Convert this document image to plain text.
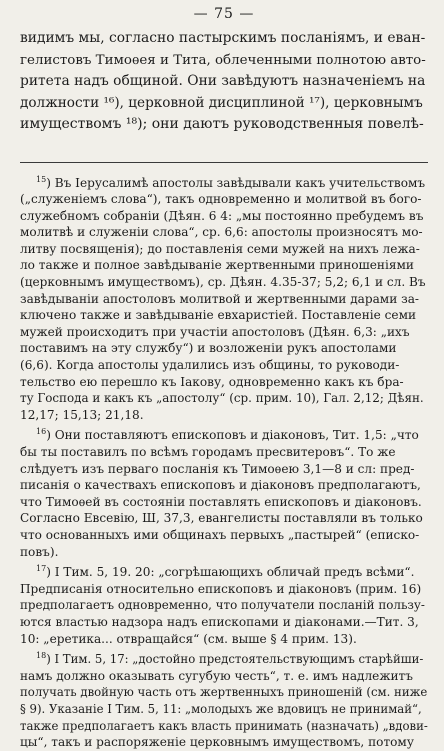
— 75 —
видимъ мы, согласно пастырскимъ посланіямъ, и еван-
гелистовъ Тимоѳея и Тита, облеченными полнотою авто-
ритета надъ общиной. Они завѣдуютъ назначеніемъ на
должности ¹⁶), церковной дисциплиной ¹⁷), церковнымъ
имуществомъ ¹⁸); они даютъ руководственныя повелѣ-
$^{15}$) Въ Іерусалимѣ апостолы завѣдывали какъ учительствомъ
(„служеніемъ слова“), такъ одновременно и молитвой въ бого-
служебномъ собраніи (Дѣян. 6 4: „мы постоянно пребудемъ въ
молитвѣ и служеніи слова“, ср. 6,6: апостолы произносятъ мо-
литву посвященія); до поставленія семи мужей на нихъ лежа-
ло также и полное завѣдываніе жертвенными приношеніями
(церковнымъ имуществомъ), ср. Дѣян. 4.35-37; 5,2; 6,1 и сл. Въ
завѣдываніи апостоловъ молитвой и жертвенными дарами за-
ключено также и завѣдываніе евхаристіей. Поставленіе семи
мужей происходитъ при участіи апостоловъ (Дѣян. 6,3: „ихъ
поставимъ на эту службу“) и возложеніи рукъ апостолами
(6,6). Когда апостолы удалились изъ общины, то руководи-
тельство ею перешло къ Іакову, одновременно какъ къ бра-
ту Господа и какъ къ „апостолу“ (ср. прим. 10), Гал. 2,12; Дѣян.
12,17; 15,13; 21,18.
$^{16}$) Они поставляютъ епископовъ и діаконовъ, Тит. 1,5: „что
бы ты поставилъ по всѣмъ городамъ пресвитеровъ“. То же
слѣдуетъ изъ перваго посланія къ Тимоѳею 3,1—8 и сл: пред-
писанія о качествахъ епископовъ и діаконовъ предполагаютъ,
что Тимоѳей въ состояніи поставлять епископовъ и діаконовъ.
Согласно Евсевію, Ш, 37,3, евангелисты поставляли въ только
что основанныхъ ими общинахъ первыхъ „пастырей“ (еписко-
повъ).
$^{17}$) І Тим. 5, 19. 20: „согрѣшающихъ обличай предъ всѣми“.
Предписанія относительно епископовъ и діаконовъ (прим. 16)
предполагаетъ одновременно, что получатели посланій пользу-
ются властью надзора надъ епископами и діаконами.—Тит. 3,
10: „еретика... отвращайся“ (см. выше § 4 прим. 13).
$^{18}$) І Тим. 5, 17: „достойно предстоятельствующимъ старѣйши-
намъ должно оказывать сугубую честь“, т. е. имъ надлежитъ
получать двойную часть отъ жертвенныхъ приношеній (см. ниже
§ 9). Указаніе І Тим. 5, 11: „молодыхъ же вдовицъ не принимай“,
также предполагаетъ какъ власть принимать (назначать) „вдови-
цы“, такъ и распоряженіе церковнымъ имуществомъ, потому
